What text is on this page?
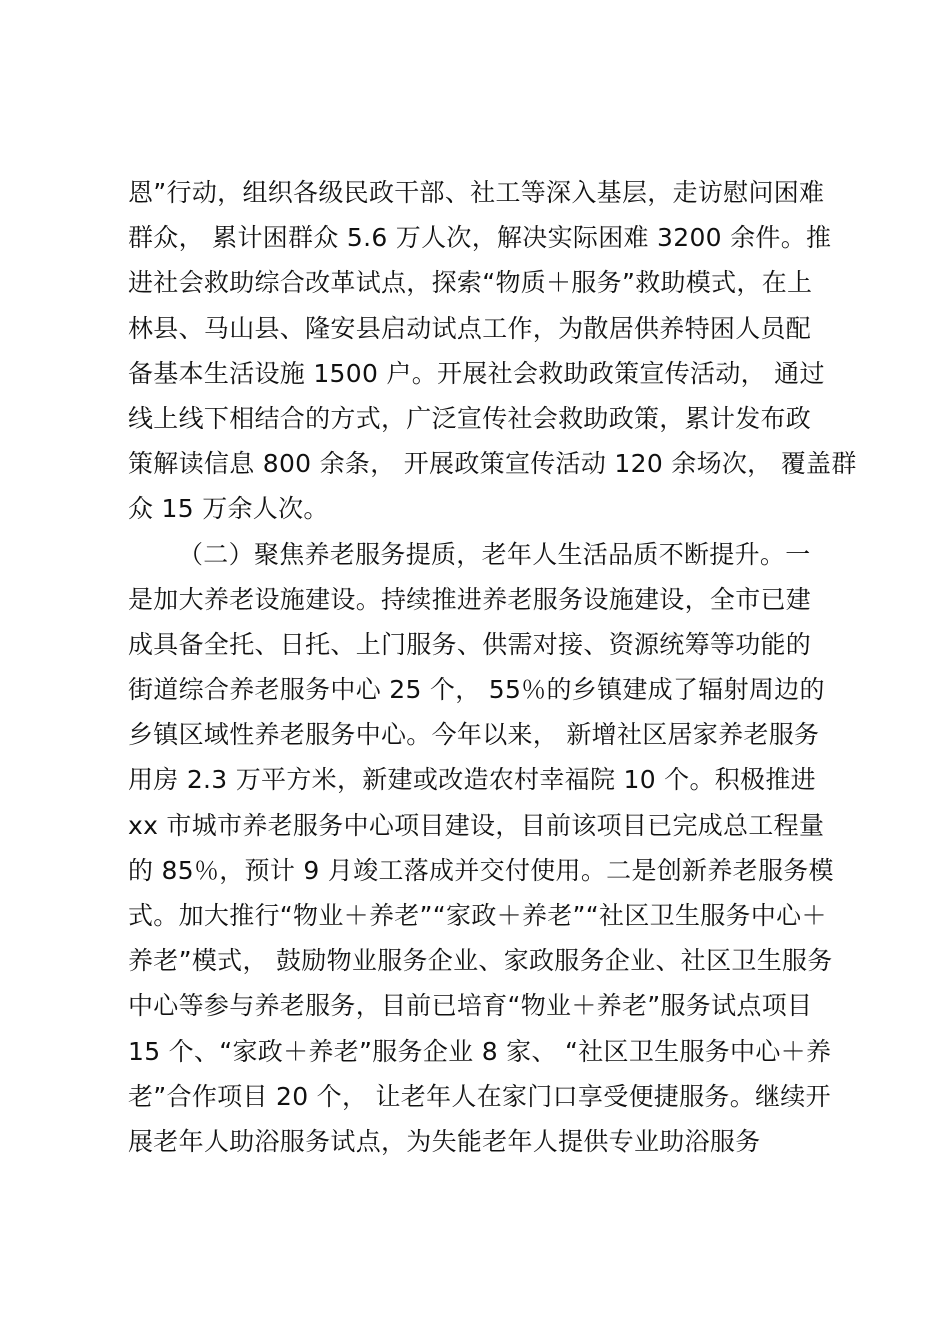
恩”行动，组织各级民政干部、社工等深入基层，走访慰问困难
群众， 累计困群众 5.6 万人次，解决实际困难 3200 余件。推
进社会救助综合改革试点，探索“物质＋服务”救助模式，在上
林县、马山县、隆安县启动试点工作，为散居供养特困人员配
备基本生活设施 1500 户。开展社会救助政策宣传活动， 通过
线上线下相结合的方式，广泛宣传社会救助政策，累计发布政
策解读信息 800 余条， 开展政策宣传活动 120 余场次， 覆盖群
众 15 万余人次。
（二）聚焦养老服务提质，老年人生活品质不断提升。一
是加大养老设施建设。持续推进养老服务设施建设，全市已建
成具备全托、日托、上门服务、供需对接、资源统筹等功能的
街道综合养老服务中心 25 个， 55％的乡镇建成了辐射周边的
乡镇区域性养老服务中心。今年以来， 新增社区居家养老服务
用房 2.3 万平方米，新建或改造农村幸福院 10 个。积极推进
xx 市城市养老服务中心项目建设，目前该项目已完成总工程量
的 85％，预计 9 月竣工落成并交付使用。二是创新养老服务模
式。加大推行“物业＋养老”“家政＋养老”“社区卫生服务中心＋
养老”模式， 鼓励物业服务企业、家政服务企业、社区卫生服务
中心等参与养老服务，目前已培育“物业＋养老”服务试点项目
15 个、“家政＋养老”服务企业 8 家、 “社区卫生服务中心＋养
老”合作项目 20 个， 让老年人在家门口享受便捷服务。继续开
展老年人助浴服务试点，为失能老年人提供专业助浴服务
